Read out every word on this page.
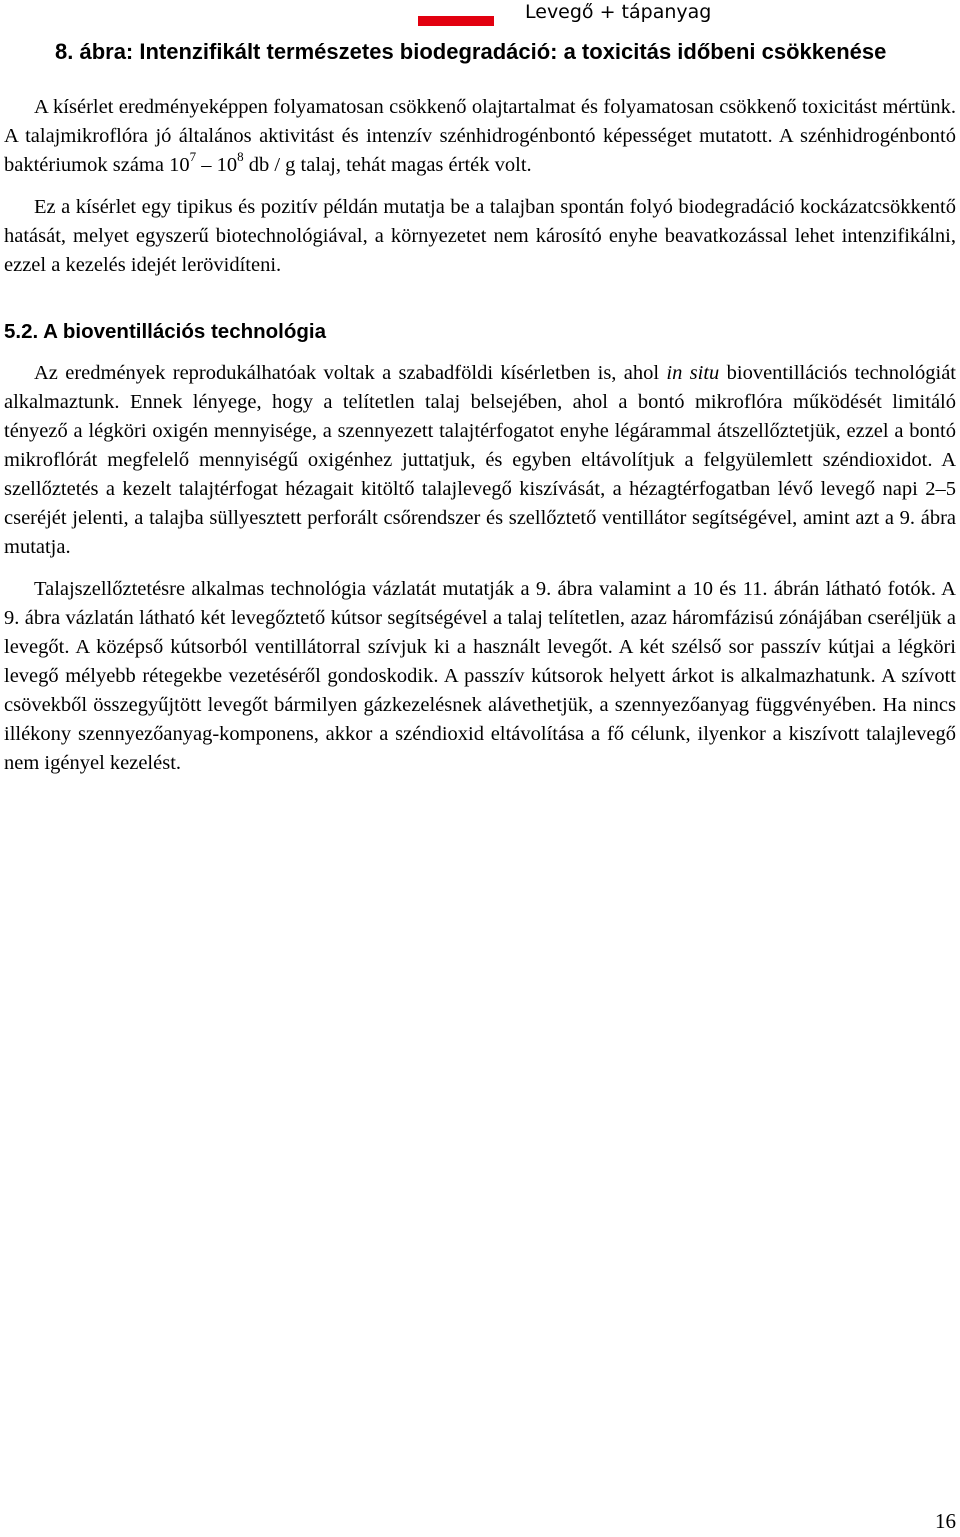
Levegő + tápanyag
8. ábra: Intenzifikált természetes biodegradáció: a toxicitás időbeni csökkenése

A kísérlet eredményeképpen folyamatosan csökkenő olajtartalmat és folyamatosan csökkenő toxicitást mértünk. A talajmikroflóra jó általános aktivitást és intenzív szénhidrogénbontó képességet mutatott. A szénhidrogénbontó baktériumok száma $10^7 - 10^8$ db / g talaj, tehát magas érték volt.

Ez a kísérlet egy tipikus és pozitív példán mutatja be a talajban spontán folyó biodegradáció kockázatcsökkentő hatását, melyet egyszerű biotechnológiával, a környezetet nem károsító enyhe beavatkozással lehet intenzifikálni, ezzel a kezelés idejét lerövidíteni.

5.2. A bioventillációs technológia

Az eredmények reprodukálhatóak voltak a szabadföldi kísérletben is, ahol in situ bioventillációs technológiát alkalmaztunk. Ennek lényege, hogy a telítetlen talaj belsejében, ahol a bontó mikroflóra működését limitáló tényező a légköri oxigén mennyisége, a szennyezett talajtérfogatot enyhe légárammal átszellőztetjük, ezzel a bontó mikroflórát megfelelő mennyiségű oxigénhez juttatjuk, és egyben eltávolítjuk a felgyülemlett széndioxidot. A szellőztetés a kezelt talajtérfogat hézagait kitöltő talajlevegő kiszívását, a hézagtérfogatban lévő levegő napi 2–5 cseréjét jelenti, a talajba süllyesztett perforált csőrendszer és szellőztető ventillátor segítségével, amint azt a 9. ábra mutatja.

Talajszellőztetésre alkalmas technológia vázlatát mutatják a 9. ábra valamint a 10 és 11. ábrán látható fotók. A 9. ábra vázlatán látható két levegőztető kútsor segítségével a talaj telítetlen, azaz háromfázisú zónájában cseréljük a levegőt. A középső kútsorból ventillátorral szívjuk ki a használt levegőt. A két szélső sor passzív kútjai a légköri levegő mélyebb rétegekbe vezetéséről gondoskodik. A passzív kútsorok helyett árkot is alkalmazhatunk. A szívott csövekből összegyűjtött levegőt bármilyen gázkezelésnek alávethetjük, a szennyezőanyag függvényében. Ha nincs illékony szennyezőanyag-komponens, akkor a széndioxid eltávolítása a fő célunk, ilyenkor a kiszívott talajlevegő nem igényel kezelést.

16
